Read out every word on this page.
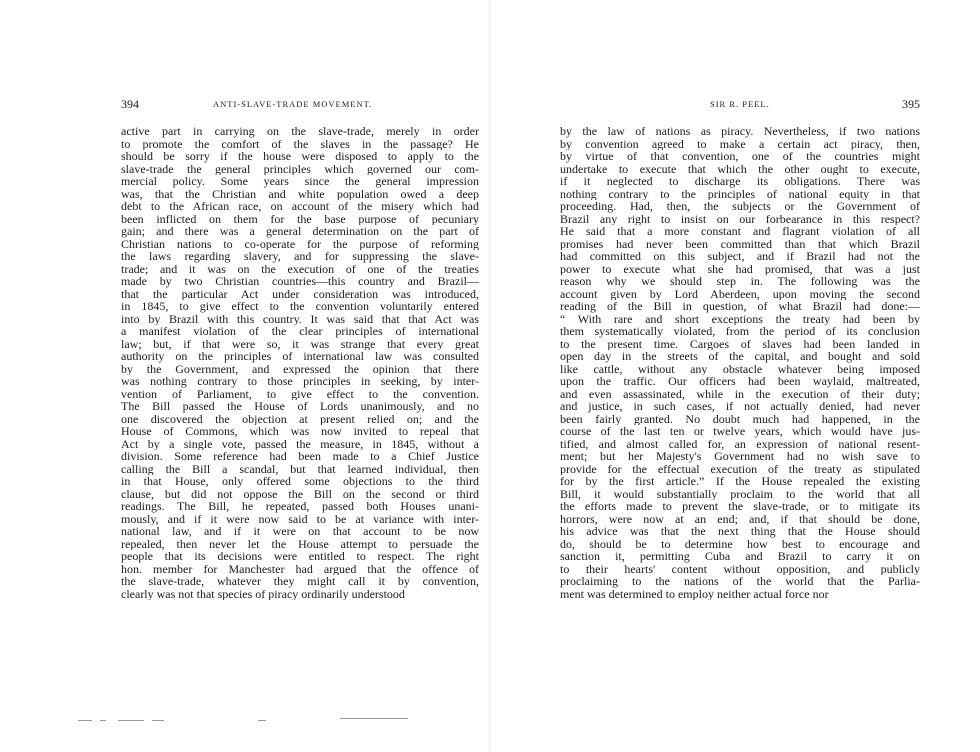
394	ANTI-SLAVE-TRADE MOVEMENT.
active part in carrying on the slave-trade, merely in order
to promote the comfort of the slaves in the passage? He
should be sorry if the house were disposed to apply to the
slave-trade the general principles which governed our com-
mercial policy. Some years since the general impression
was, that the Christian and white population owed a deep
debt to the African race, on account of the misery which had
been inflicted on them for the base purpose of pecuniary
gain; and there was a general determination on the part of
Christian nations to co-operate for the purpose of reforming
the laws regarding slavery, and for suppressing the slave-
trade; and it was on the execution of one of the treaties
made by two Christian countries—this country and Brazil—
that the particular Act under consideration was introduced,
in 1845, to give effect to the convention voluntarily entered
into by Brazil with this country. It was said that that Act was
a manifest violation of the clear principles of international
law; but, if that were so, it was strange that every great
authority on the principles of international law was consulted
by the Government, and expressed the opinion that there
was nothing contrary to those principles in seeking, by inter-
vention of Parliament, to give effect to the convention.
The Bill passed the House of Lords unanimously, and no
one discovered the objection at present relied on; and the
House of Commons, which was now invited to repeal that
Act by a single vote, passed the measure, in 1845, without a
division. Some reference had been made to a Chief Justice
calling the Bill a scandal, but that learned individual, then
in that House, only offered some objections to the third
clause, but did not oppose the Bill on the second or third
readings. The Bill, he repeated, passed both Houses unani-
mously, and if it were now said to be at variance with inter-
national law, and if it were on that account to be now
repealed, then never let the House attempt to persuade the
people that its decisions were entitled to respect. The right
hon. member for Manchester had argued that the offence of
the slave-trade, whatever they might call it by convention,
clearly was not that species of piracy ordinarily understood
SIR R. PEEL.	395
by the law of nations as piracy. Nevertheless, if two nations
by convention agreed to make a certain act piracy, then,
by virtue of that convention, one of the countries might
undertake to execute that which the other ought to execute,
if it neglected to discharge its obligations. There was
nothing contrary to the principles of national equity in that
proceeding. Had, then, the subjects or the Government of
Brazil any right to insist on our forbearance in this respect?
He said that a more constant and flagrant violation of all
promises had never been committed than that which Brazil
had committed on this subject, and if Brazil had not the
power to execute what she had promised, that was a just
reason why we should step in. The following was the
account given by Lord Aberdeen, upon moving the second
reading of the Bill in question, of what Brazil had done:—
“ With rare and short exceptions the treaty had been by
them systematically violated, from the period of its conclusion
to the present time. Cargoes of slaves had been landed in
open day in the streets of the capital, and bought and sold
like cattle, without any obstacle whatever being imposed
upon the traffic. Our officers had been waylaid, maltreated,
and even assassinated, while in the execution of their duty;
and justice, in such cases, if not actually denied, had never
been fairly granted. No doubt much had happened, in the
course of the last ten or twelve years, which would have jus-
tified, and almost called for, an expression of national resent-
ment; but her Majesty's Government had no wish save to
provide for the effectual execution of the treaty as stipulated
for by the first article.” If the House repealed the existing
Bill, it would substantially proclaim to the world that all
the efforts made to prevent the slave-trade, or to mitigate its
horrors, were now at an end; and, if that should be done,
his advice was that the next thing that the House should
do, should be to determine how best to encourage and
sanction it, permitting Cuba and Brazil to carry it on
to their hearts' content without opposition, and publicly
proclaiming to the nations of the world that the Parlia-
ment was determined to employ neither actual force nor
